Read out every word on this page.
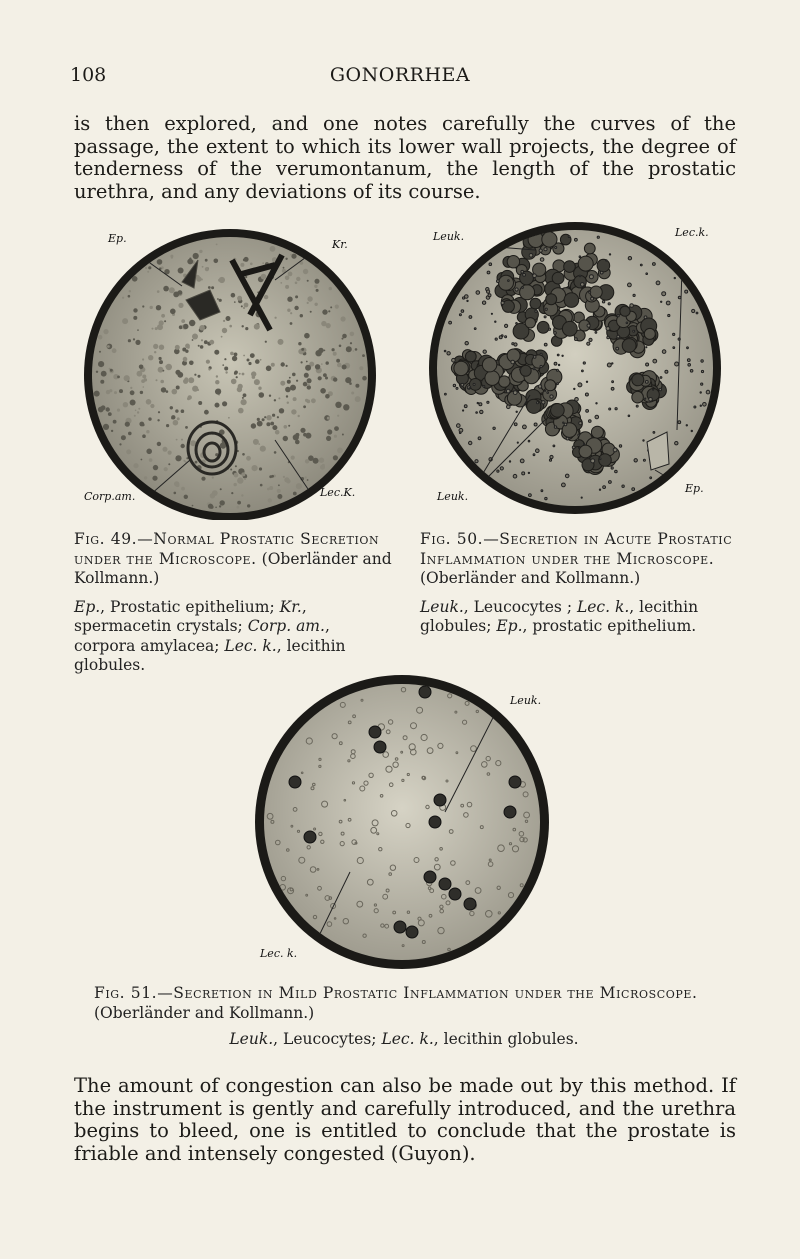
108	GONORRHEA

is then explored, and one notes carefully the curves of the passage, the extent to which its lower wall projects, the degree of tenderness of the verumontanum, the length of the prostatic urethra, and any deviations of its course.

Ep.	Kr.
Corp.am.	Lec.K.
Fig. 49.—Normal Prostatic Secretion under the Microscope. (Oberländer and Kollmann.)
Ep., Prostatic epithelium; Kr., spermacetin crystals; Corp. am., corpora amylacea; Lec. k., lecithin globules.
Leuk.	Lec.k.
Leuk.
Ep.
Fig. 50.—Secretion in Acute Prostatic Inflammation under the Microscope. (Oberländer and Kollmann.)
Leuk., Leucocytes ; Lec. k., lecithin globules; Ep., prostatic epithelium.
Leuk.
Lec. k.
Fig. 51.—Secretion in Mild Prostatic Inflammation under the Microscope. (Oberländer and Kollmann.)
Leuk., Leucocytes; Lec. k., lecithin globules.

The amount of congestion can also be made out by this method. If the instrument is gently and carefully introduced, and the urethra begins to bleed, one is entitled to conclude that the prostate is friable and intensely congested (Guyon).
